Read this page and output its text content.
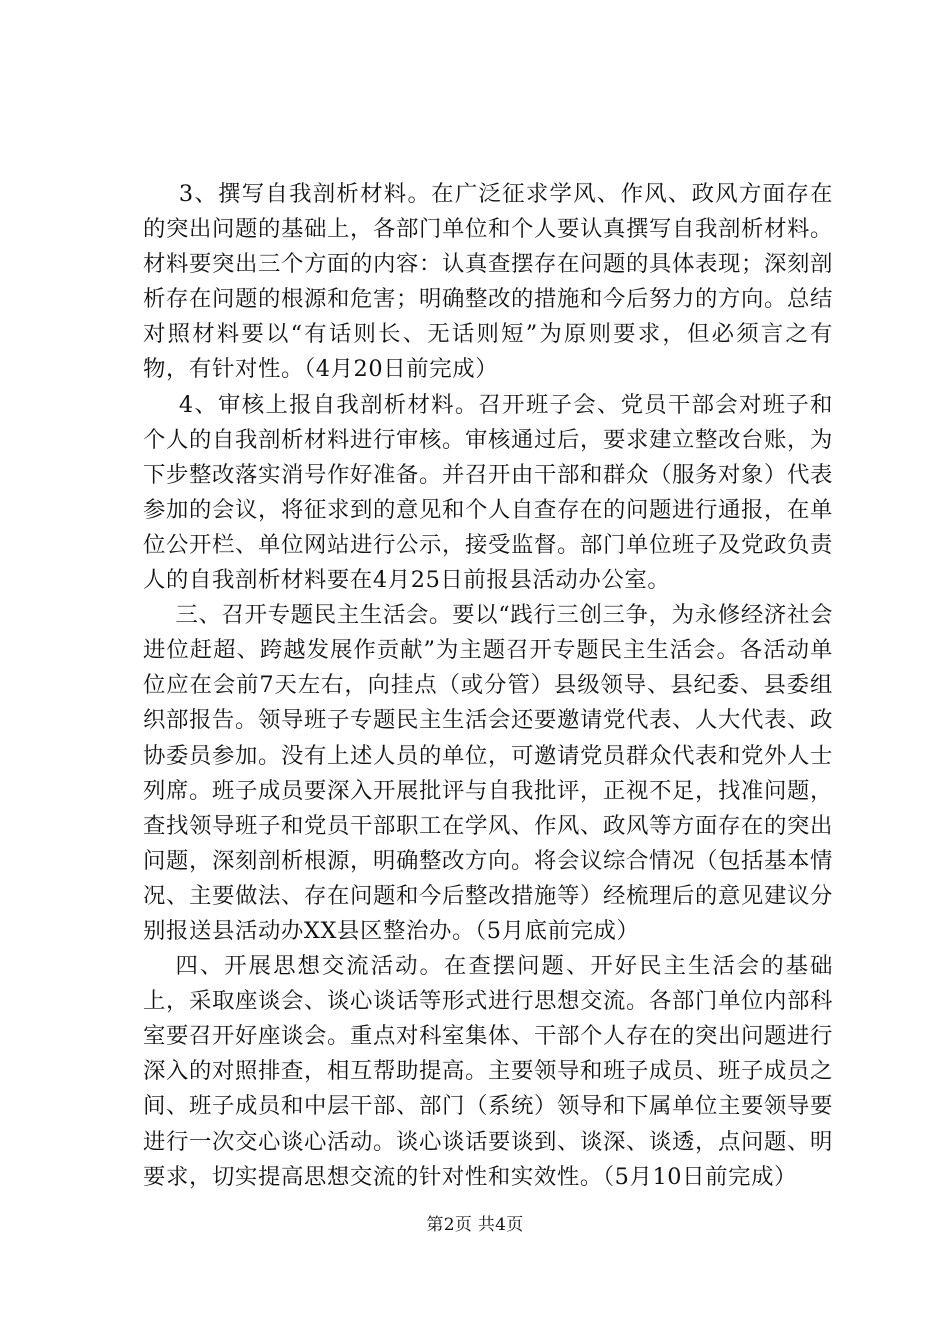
3、撰写自我剖析材料。在广泛征求学风、作风、政风方面存在的突出问题的基础上，各部门单位和个人要认真撰写自我剖析材料。材料要突出三个方面的内容：认真查摆存在问题的具体表现；深刻剖析存在问题的根源和危害；明确整改的措施和今后努力的方向。总结对照材料要以“有话则长、无话则短”为原则要求，但必须言之有物，有针对性。（4月20日前完成）

4、审核上报自我剖析材料。召开班子会、党员干部会对班子和个人的自我剖析材料进行审核。审核通过后，要求建立整改台账，为下步整改落实消号作好准备。并召开由干部和群众（服务对象）代表参加的会议，将征求到的意见和个人自查存在的问题进行通报，在单位公开栏、单位网站进行公示，接受监督。部门单位班子及党政负责人的自我剖析材料要在4月25日前报县活动办公室。

三、召开专题民主生活会。要以“践行三创三争，为永修经济社会进位赶超、跨越发展作贡献”为主题召开专题民主生活会。各活动单位应在会前7天左右，向挂点（或分管）县级领导、县纪委、县委组织部报告。领导班子专题民主生活会还要邀请党代表、人大代表、政协委员参加。没有上述人员的单位，可邀请党员群众代表和党外人士列席。班子成员要深入开展批评与自我批评，正视不足，找准问题，查找领导班子和党员干部职工在学风、作风、政风等方面存在的突出问题，深刻剖析根源，明确整改方向。将会议综合情况（包括基本情况、主要做法、存在问题和今后整改措施等）经梳理后的意见建议分别报送县活动办XX县区整治办。（5月底前完成）

四、开展思想交流活动。在查摆问题、开好民主生活会的基础上，采取座谈会、谈心谈话等形式进行思想交流。各部门单位内部科室要召开好座谈会。重点对科室集体、干部个人存在的突出问题进行深入的对照排查，相互帮助提高。主要领导和班子成员、班子成员之间、班子成员和中层干部、部门（系统）领导和下属单位主要领导要进行一次交心谈心活动。谈心谈话要谈到、谈深、谈透，点问题、明要求，切实提高思想交流的针对性和实效性。（5月10日前完成）

第2页 共4页
